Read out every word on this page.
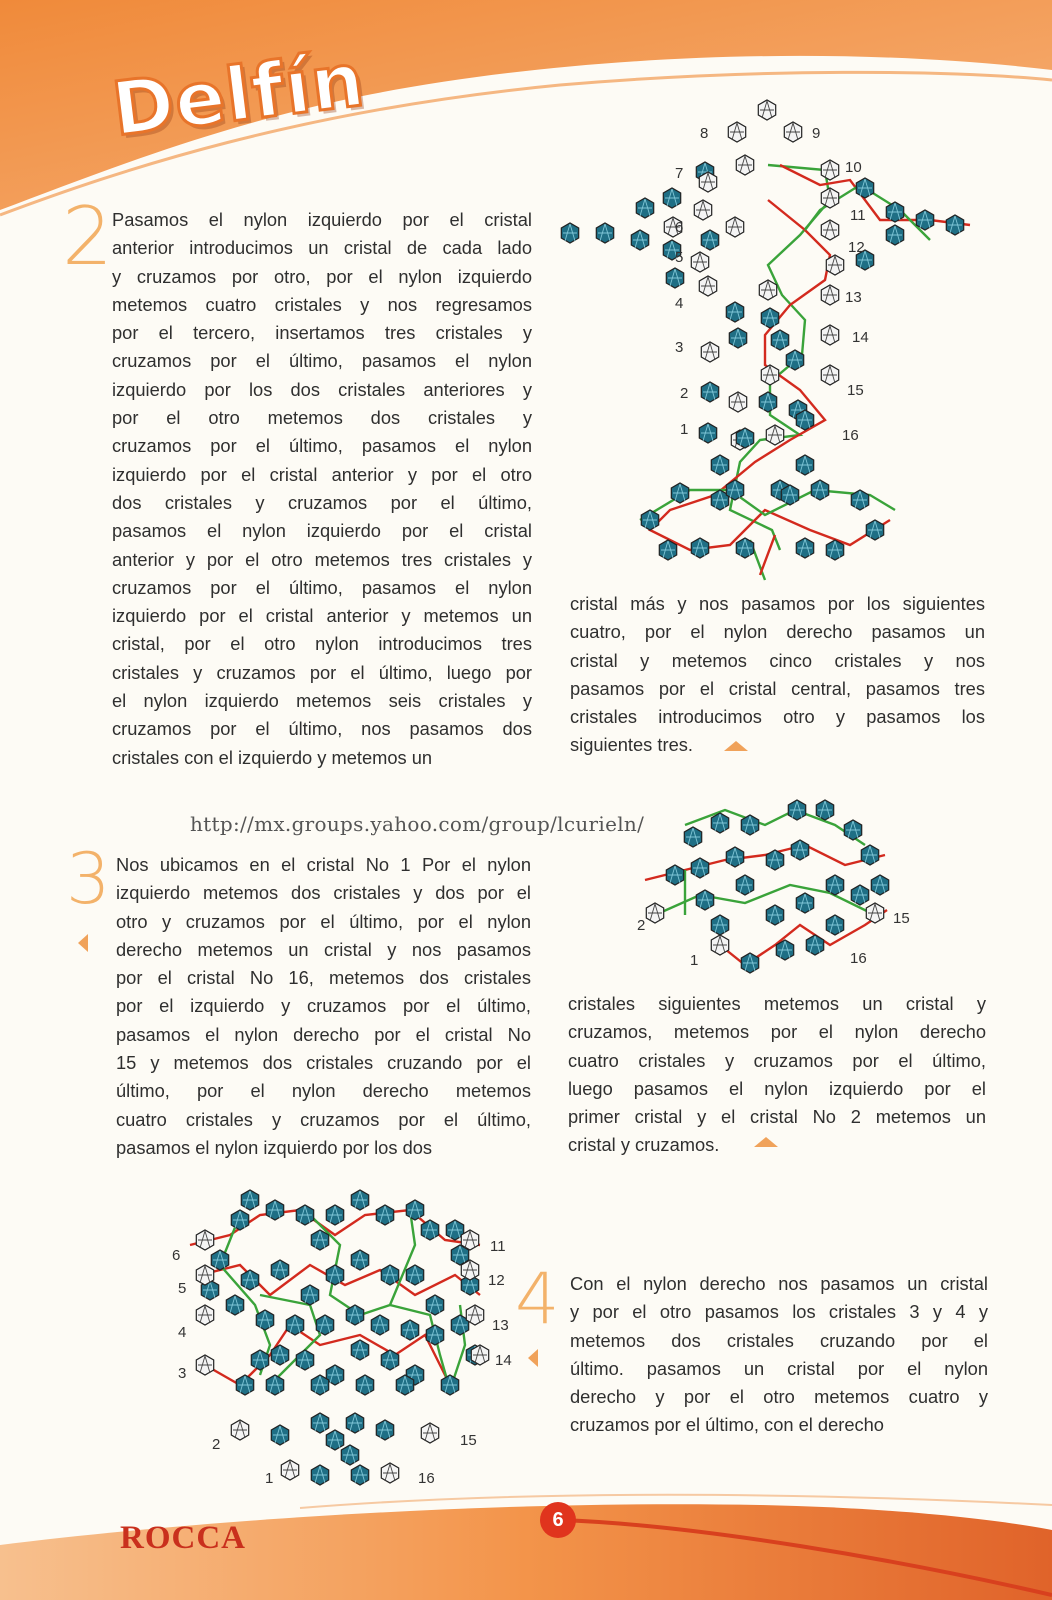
Delfín
2 Pasamos el nylon izquierdo por el cristal

anterior introducimos un cristal de cada lado

y cruzamos por otro, por el nylon izquierdo

metemos cuatro cristales y nos regresamos

por el tercero, insertamos tres cristales y

cruzamos por el último, pasamos el nylon

izquierdo por los dos cristales anteriores y

por el otro metemos dos cristales y

cruzamos por el último, pasamos el nylon

izquierdo por el cristal anterior y por el otro

dos cristales y cruzamos por el último,

pasamos el nylon izquierdo por el cristal

anterior y por el otro metemos tres cristales y

cruzamos por el último, pasamos el nylon

izquierdo por el cristal anterior y metemos un

cristal, por el otro nylon introducimos tres

cristales y cruzamos por el último, luego por

el nylon izquierdo metemos seis cristales y

cruzamos por el último, nos pasamos dos

cristales con el izquierdo y metemos un

8	9
7	10
11
6
12
5
4	13
3
14
2	15
1	16

cristal más y nos pasamos por los siguientes

cuatro, por el nylon derecho pasamos un

cristal y metemos cinco cristales y nos

pasamos por el cristal central, pasamos tres

cristales introducimos otro y pasamos los

siguientes tres.

http://mx.groups.yahoo.com/group/lcurieln/
3 Nos ubicamos en el cristal No 1 Por el nylon

izquierdo metemos dos cristales y dos por el

otro y cruzamos por el último, por el nylon

derecho metemos un cristal y nos pasamos

por el cristal No 16, metemos dos cristales

por el izquierdo y cruzamos por el último,

pasamos el nylon derecho por el cristal No

15 y metemos dos cristales cruzando por el

último, por el nylon derecho metemos

cuatro cristales y cruzamos por el último,

pasamos el nylon izquierdo por los dos

2	15
1	16

cristales siguientes metemos un cristal y

cruzamos, metemos por el nylon derecho

cuatro cristales y cruzamos por el último,

luego pasamos el nylon izquierdo por el

primer cristal y el cristal No 2 metemos un

cristal y cruzamos.

6
11
5	12
4	13
3
14
2	15
1	16
4 Con el nylon derecho nos pasamos un cristal

y por el otro pasamos los cristales 3 y 4 y

metemos dos cristales cruzando por el

último. pasamos un cristal por el nylon

derecho y por el otro metemos cuatro y

cruzamos por el último, con el derecho

ROCCA	6
